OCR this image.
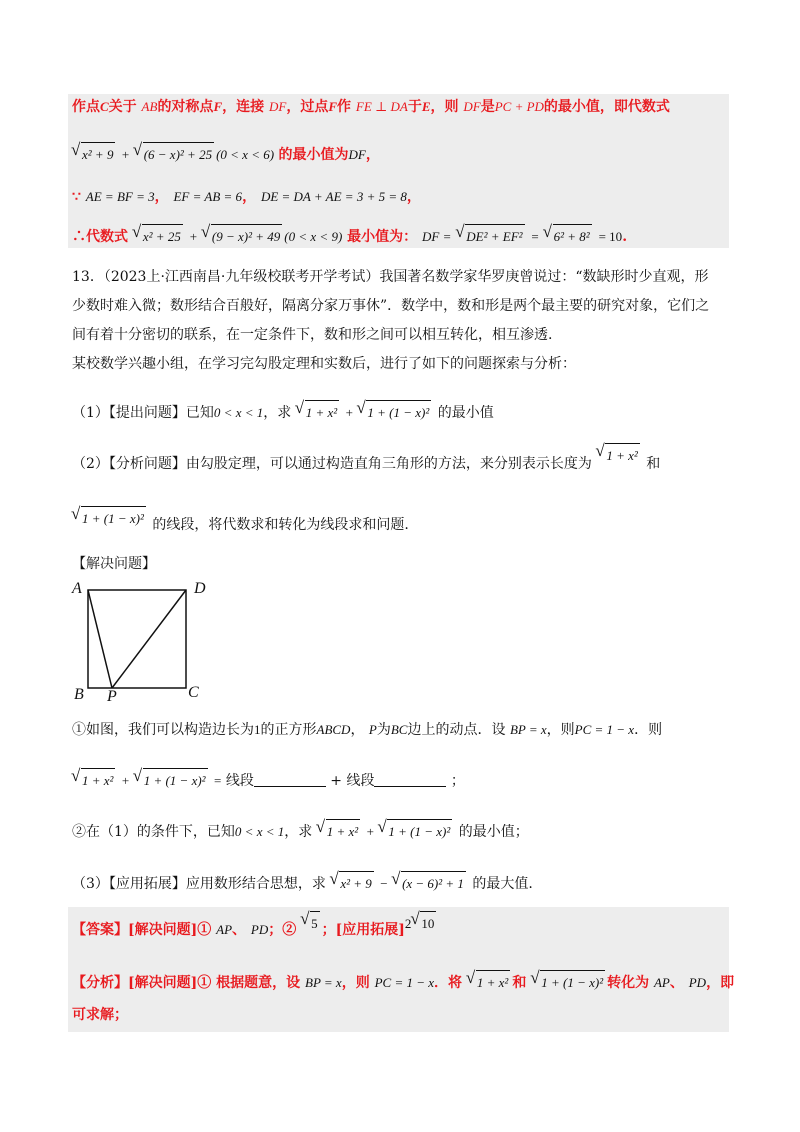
作点C关于 AB的对称点F，连接 DF，过点F作 FE ⊥ DA于E，则 DF是PC + PD的最小值，即代数式
√ x² + 9 + √ (6 − x)² + 25 (0 < x < 6) 的最小值为DF，
∵ AE = BF = 3， EF = AB = 6， DE = DA + AE = 3 + 5 = 8，
∴代数式 √ x² + 25 + √ (9 − x)² + 49 (0 < x < 9) 最小值为： DF = √ DE² + EF² = √ 6² + 8² = 10.
13．（2023上·江西南昌·九年级校联考开学考试）我国著名数学家华罗庚曾说过：“数缺形时少直观，形
少数时难入微；数形结合百般好，隔离分家万事休”．数学中，数和形是两个最主要的研究对象，它们之
间有着十分密切的联系，在一定条件下，数和形之间可以相互转化，相互渗透.
某校数学兴趣小组，在学习完勾股定理和实数后，进行了如下的问题探索与分析：
（1）【提出问题】已知0 < x < 1，求 √ 1 + x² + √ 1 + (1 − x)² 的最小值
（2）【分析问题】由勾股定理，可以通过构造直角三角形的方法，来分别表示长度为 √ 1 + x² 和
√ 1 + (1 − x)² 的线段，将代数求和转化为线段求和问题.
【解决问题】
A	D
B P	C
①如图，我们可以构造边长为1的正方形ABCD， P为BC边上的动点．设 BP = x，则PC = 1 − x．则
√ 1 + x² + √ 1 + (1 − x)² = 线段	+ 线段	；
②在（1）的条件下，已知0 < x < 1，求 √ 1 + x² + √ 1 + (1 − x)² 的最小值；
（3）【应用拓展】应用数形结合思想，求 √ x² + 9 − √ (x − 6)² + 1 的最大值.
【答案】[解决问题]① AP、 PD；② √ 5 ；[应用拓展]2 √ 10
【分析】[解决问题]① 根据题意，设 BP = x，则 PC = 1 − x．将 √ 1 + x² 和 √ 1 + (1 − x)² 转化为 AP、 PD，即
可求解；
